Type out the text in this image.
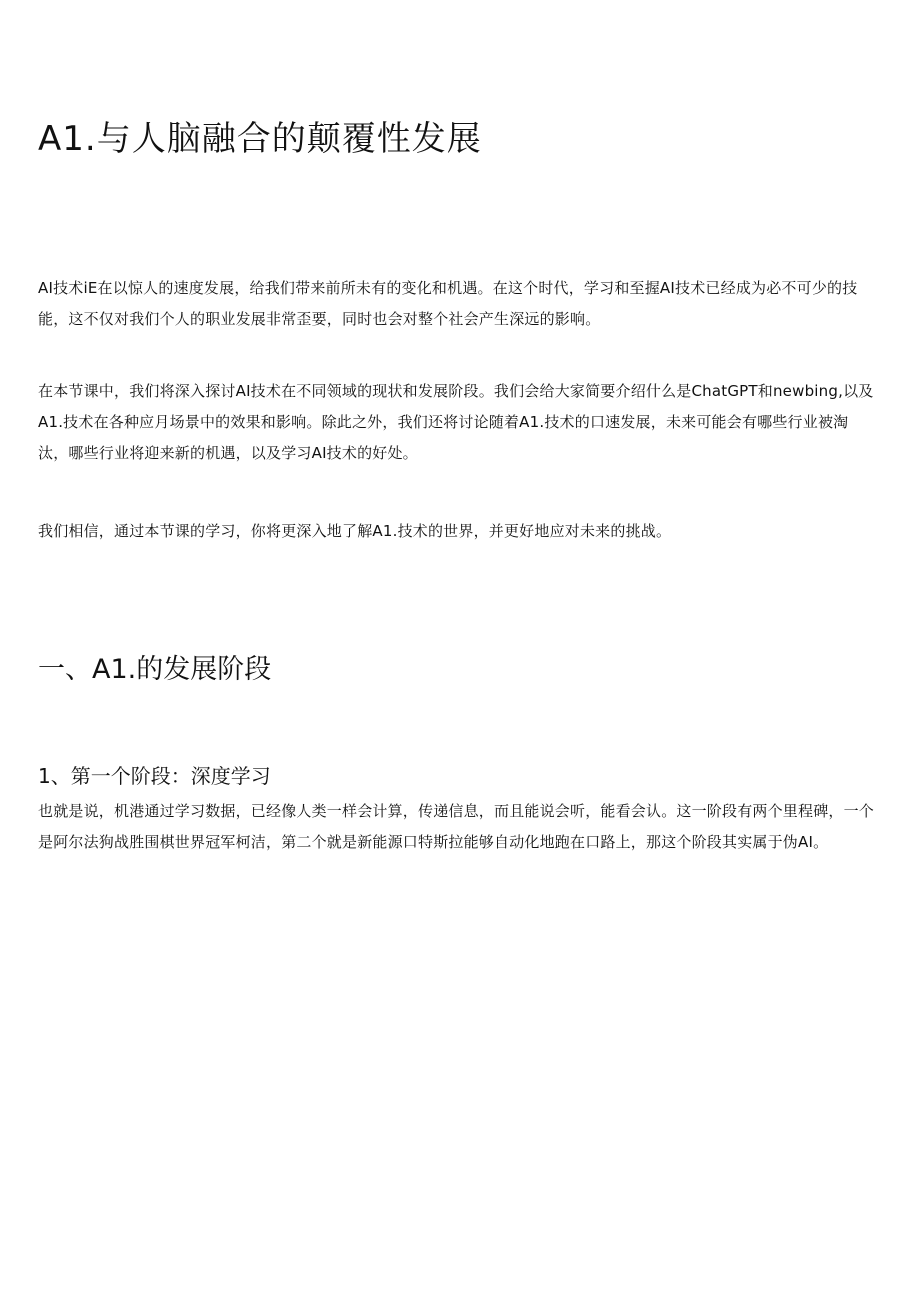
A1.与人脑融合的颠覆性发展

AI技术iE在以惊人的速度发展，给我们带来前所未有的变化和机遇。在这个时代，学习和至握AI技术已经成为必不可少的技能，这不仅对我们个人的职业发展非常歪要，同时也会对整个社会产生深远的影响。

在本节课中，我们将深入探讨AI技术在不同领域的现状和发展阶段。我们会给大家简要介绍什么是ChatGPT和newbing,以及A1.技术在各种应月场景中的效果和影响。除此之外，我们还将讨论随着A1.技术的口速发展，未来可能会有哪些行业被淘汰，哪些行业将迎来新的机遇，以及学习AI技术的好处。

我们相信，通过本节课的学习，你将更深入地了解A1.技术的世界，并更好地应对未来的挑战。

一、A1.的发展阶段
1、第一个阶段：深度学习

也就是说，机港通过学习数据，已经像人类一样会计算，传递信息，而且能说会听，能看会认。这一阶段有两个里程碑，一个是阿尔法狗战胜围棋世界冠军柯洁，第二个就是新能源口特斯拉能够自动化地跑在口路上，那这个阶段其实属于伪AI。
